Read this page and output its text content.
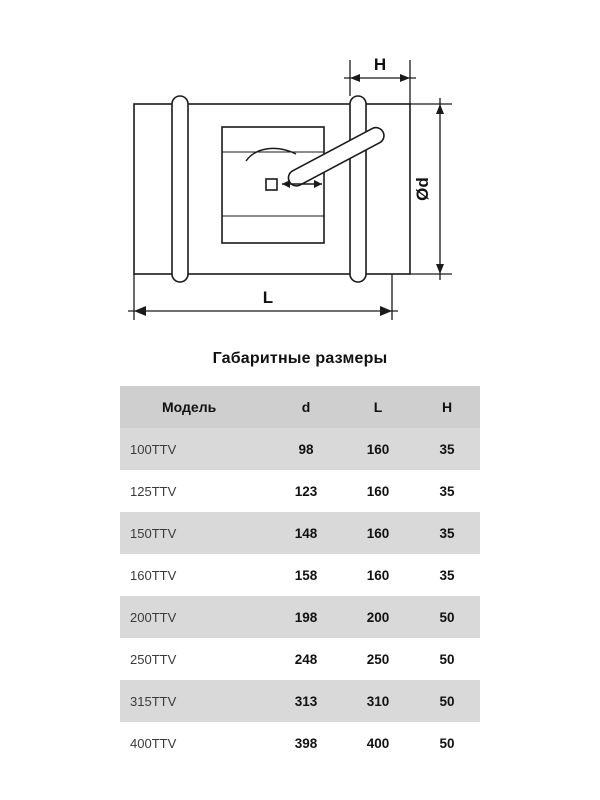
H
Ød
L
Габаритные размеры
Модель	d	L	H
100TTV	98	160	35
125TTV	123	160	35
150TTV	148	160	35
160TTV	158	160	35
200TTV	198	200	50
250TTV	248	250	50
315TTV	313	310	50
400TTV	398	400	50
